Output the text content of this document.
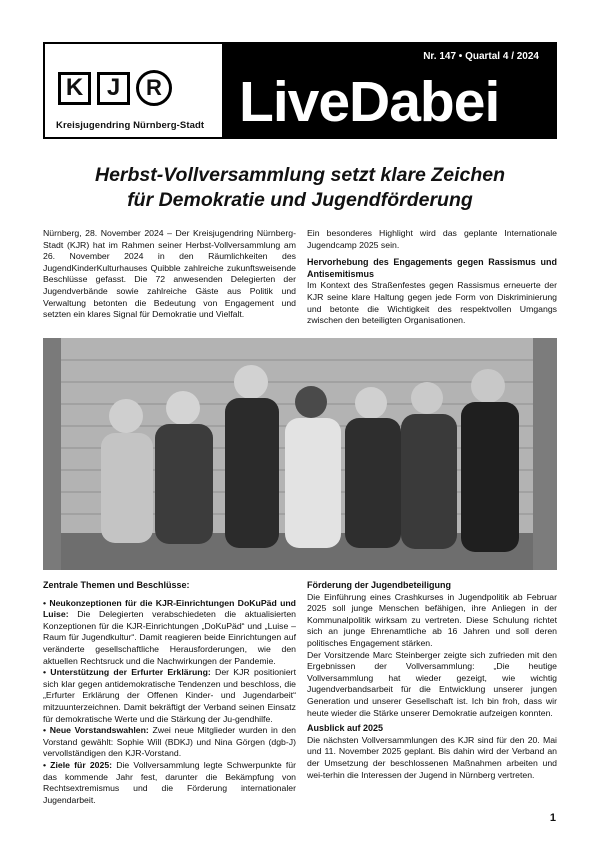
K J	R
Kreisjugendring Nürnberg-Stadt
Nr. 147 • Quartal 4 / 2024
LiveDabei
Herbst-Vollversammlung setzt klare Zeichen
für Demokratie und Jugendförderung

Nürnberg, 28. November 2024 – Der Kreisjugendring Nürnberg-Stadt (KJR) hat im Rahmen seiner Herbst-Vollversammlung am 26. November 2024 in den Räumlichkeiten des JugendKinderKulturhauses Quibble zahlreiche zukunftsweisende Beschlüsse gefasst. Die 72 anwesenden Delegierten der Jugendverbände sowie zahlreiche Gäste aus Politik und Verwaltung betonten die Bedeutung von Engagement und setzten ein klares Signal für Demokratie und Vielfalt.

Ein besonderes Highlight wird das geplante Internationale Jugendcamp 2025 sein.

Hervorhebung des Engagements gegen Rassismus und Antisemitismus

Im Kontext des Straßenfestes gegen Rassismus erneuerte der KJR seine klare Haltung gegen jede Form von Diskriminierung und betonte die Wichtigkeit des respektvollen Umgangs zwischen den beteiligten Organisationen.

Zentrale Themen und Beschlüsse:

• Neukonzeptionen für die KJR-Einrichtungen DoKuPäd und Luise: Die Delegierten verabschiedeten die aktualisierten Konzeptionen für die KJR-Einrichtungen „DoKuPäd“ und „Luise – Raum für Jugendkultur“. Damit reagieren beide Einrichtungen auf veränderte gesellschaftliche Herausforderungen, wie den aktuellen Rechtsruck und die Nachwirkungen der Pandemie.

• Unterstützung der Erfurter Erklärung: Der KJR positioniert sich klar gegen antidemokratische Tendenzen und beschloss, die „Erfurter Erklärung der Offenen Kinder- und Jugendarbeit“ mitzuunterzeichnen. Damit bekräftigt der Verband seinen Einsatz für demokratische Werte und die Stärkung der Ju-gendhilfe.

• Neue Vorstandswahlen: Zwei neue Mitglieder wurden in den Vorstand gewählt: Sophie Will (BDKJ) und Nina Görgen (dgb-J) vervollständigen den KJR-Vorstand.

• Ziele für 2025: Die Vollversammlung legte Schwerpunkte für das kommende Jahr fest, darunter die Bekämpfung von Rechtsextremismus und die Förderung internationaler Jugendarbeit.

Förderung der Jugendbeteiligung

Die Einführung eines Crashkurses in Jugendpolitik ab Februar 2025 soll junge Menschen befähigen, ihre Anliegen in der Kommunalpolitik wirksam zu vertreten. Diese Schulung richtet sich an junge Ehrenamtliche ab 16 Jahren und soll deren politisches Engagement stärken.

Der Vorsitzende Marc Steinberger zeigte sich zufrieden mit den Ergebnissen der Vollversammlung: „Die heutige Vollversammlung hat wieder gezeigt, wie wichtig Jugendverbandsarbeit für die Entwicklung unserer jungen Generation und unserer Gesellschaft ist. Ich bin froh, dass wir heute wieder die Stärke unserer Demokratie aufzeigen konnten.

Ausblick auf 2025

Die nächsten Vollversammlungen des KJR sind für den 20. Mai und 11. November 2025 geplant. Bis dahin wird der Verband an der Umsetzung der beschlossenen Maßnahmen arbeiten und wei-terhin die Interessen der Jugend in Nürnberg vertreten.

1
